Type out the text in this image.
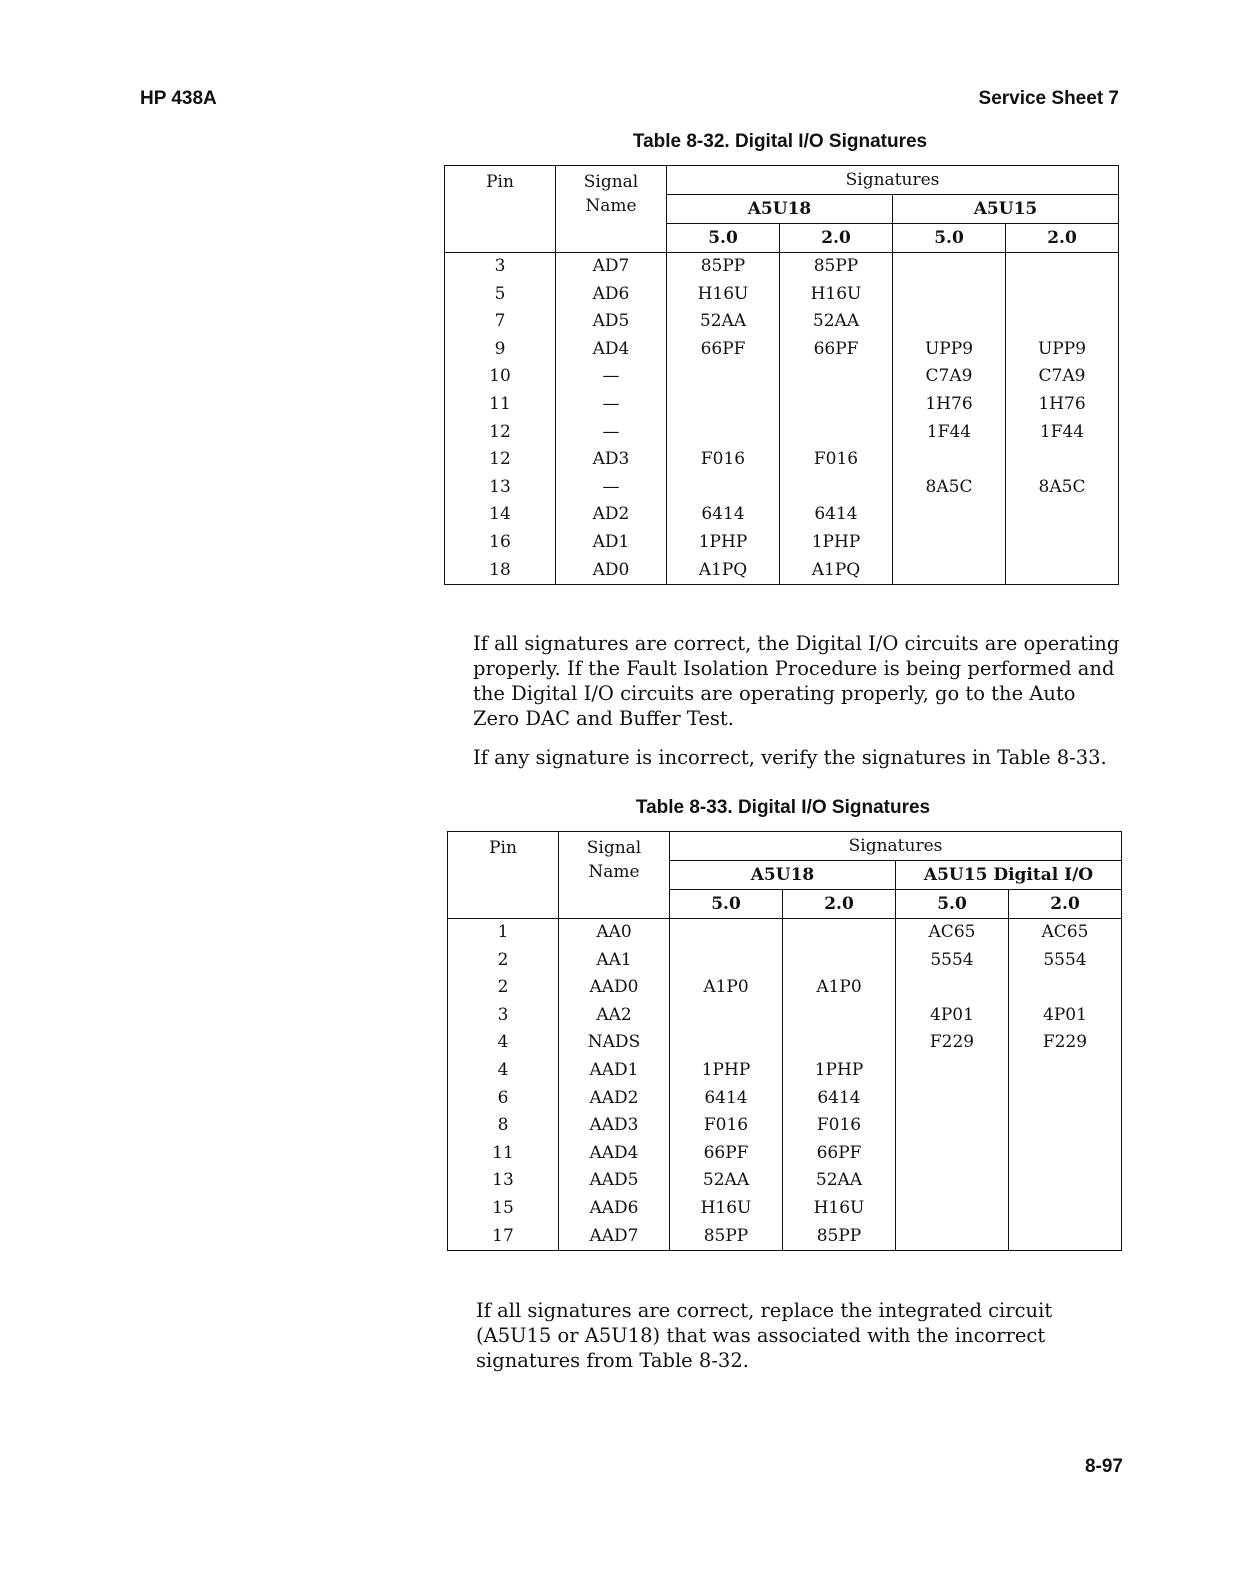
HP 438A	Service Sheet 7
Table 8-32. Digital I/O Signatures
Pin	Signal
Name	Signatures			
		A5U18		A5U15	
		5.0	2.0	5.0	2.0
3	AD7	85PP	85PP		
5	AD6	H16U	H16U		
7	AD5	52AA	52AA		
9	AD4	66PF	66PF	UPP9	UPP9
10	—			C7A9	C7A9
11	—			1H76	1H76
12	—			1F44	1F44
12	AD3	F016	F016		
13	—			8A5C	8A5C
14	AD2	6414	6414		
16	AD1	1PHP	1PHP		
18	AD0	A1PQ	A1PQ		
If all signatures are correct, the Digital I/O circuits are operating properly. If the Fault Isolation Procedure is being performed and the Digital I/O circuits are operating properly, go to the Auto Zero DAC and Buffer Test.
If any signature is incorrect, verify the signatures in Table 8-33.
Table 8-33. Digital I/O Signatures
Pin	Signal
Name	Signatures			
		A5U18		A5U15 Digital I/O	
		5.0	2.0	5.0	2.0
1	AA0			AC65	AC65
2	AA1			5554	5554
2	AAD0	A1P0	A1P0		
3	AA2			4P01	4P01
4	NADS			F229	F229
4	AAD1	1PHP	1PHP		
6	AAD2	6414	6414		
8	AAD3	F016	F016		
11	AAD4	66PF	66PF		
13	AAD5	52AA	52AA		
15	AAD6	H16U	H16U		
17	AAD7	85PP	85PP		
If all signatures are correct, replace the integrated circuit (A5U15 or A5U18) that was associated with the incorrect signatures from Table 8-32.
8-97
